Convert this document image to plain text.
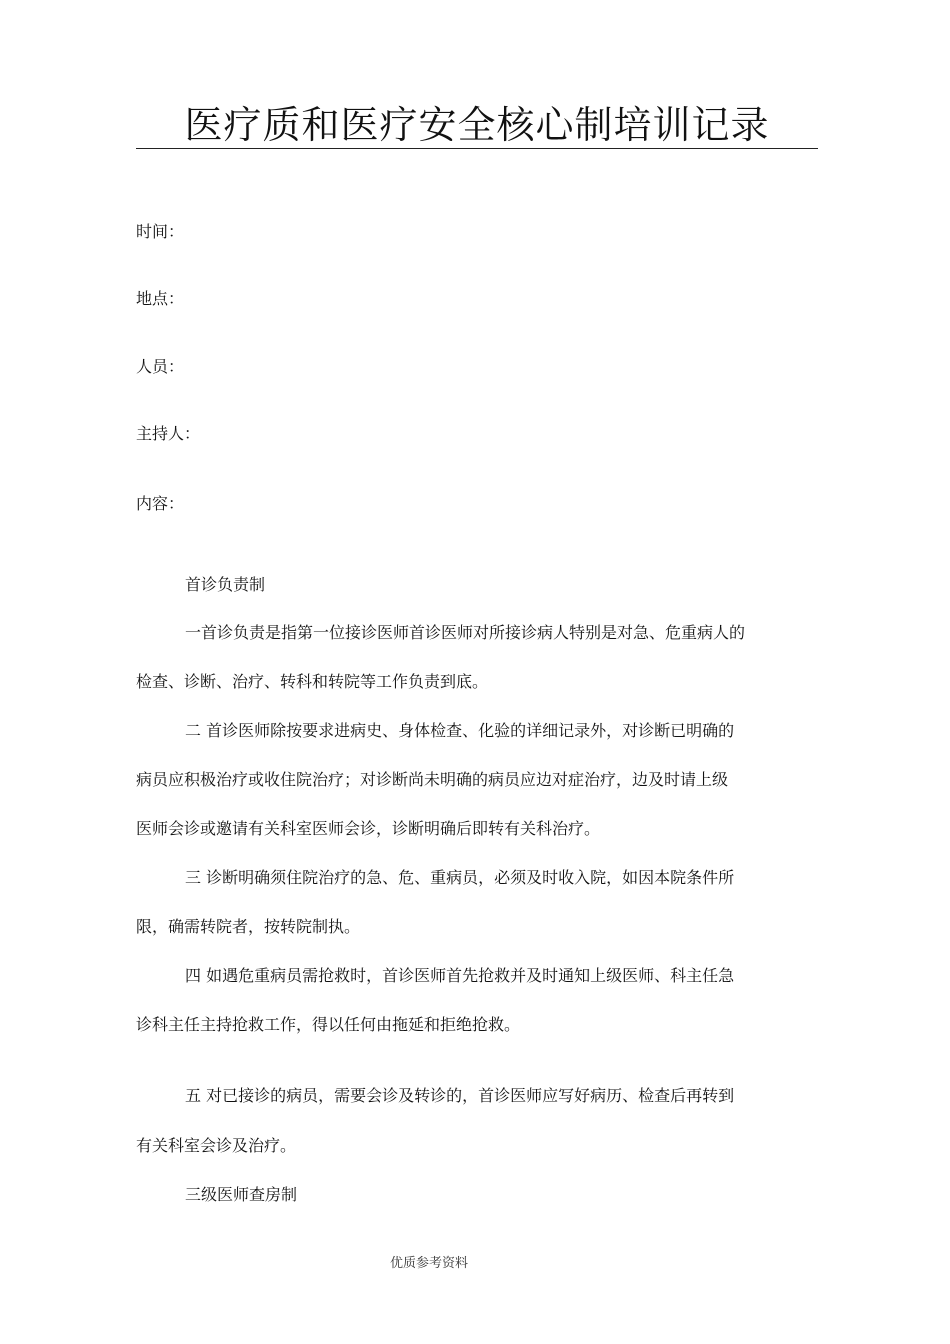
医疗质和医疗安全核心制培训记录
时间：
地点：
人员：
主持人：
内容：
首诊负责制
一首诊负责是指第一位接诊医师首诊医师对所接诊病人特别是对急、危重病人的
检查、诊断、治疗、转科和转院等工作负责到底。
二 首诊医师除按要求进病史、身体检查、化验的详细记录外，对诊断已明确的
病员应积极治疗或收住院治疗；对诊断尚未明确的病员应边对症治疗，边及时请上级
医师会诊或邀请有关科室医师会诊，诊断明确后即转有关科治疗。
三 诊断明确须住院治疗的急、危、重病员，必须及时收入院，如因本院条件所
限，确需转院者，按转院制执。
四 如遇危重病员需抢救时，首诊医师首先抢救并及时通知上级医师、科主任急
诊科主任主持抢救工作，得以任何由拖延和拒绝抢救。
五 对已接诊的病员，需要会诊及转诊的，首诊医师应写好病历、检查后再转到
有关科室会诊及治疗。
三级医师查房制
优质参考资料
